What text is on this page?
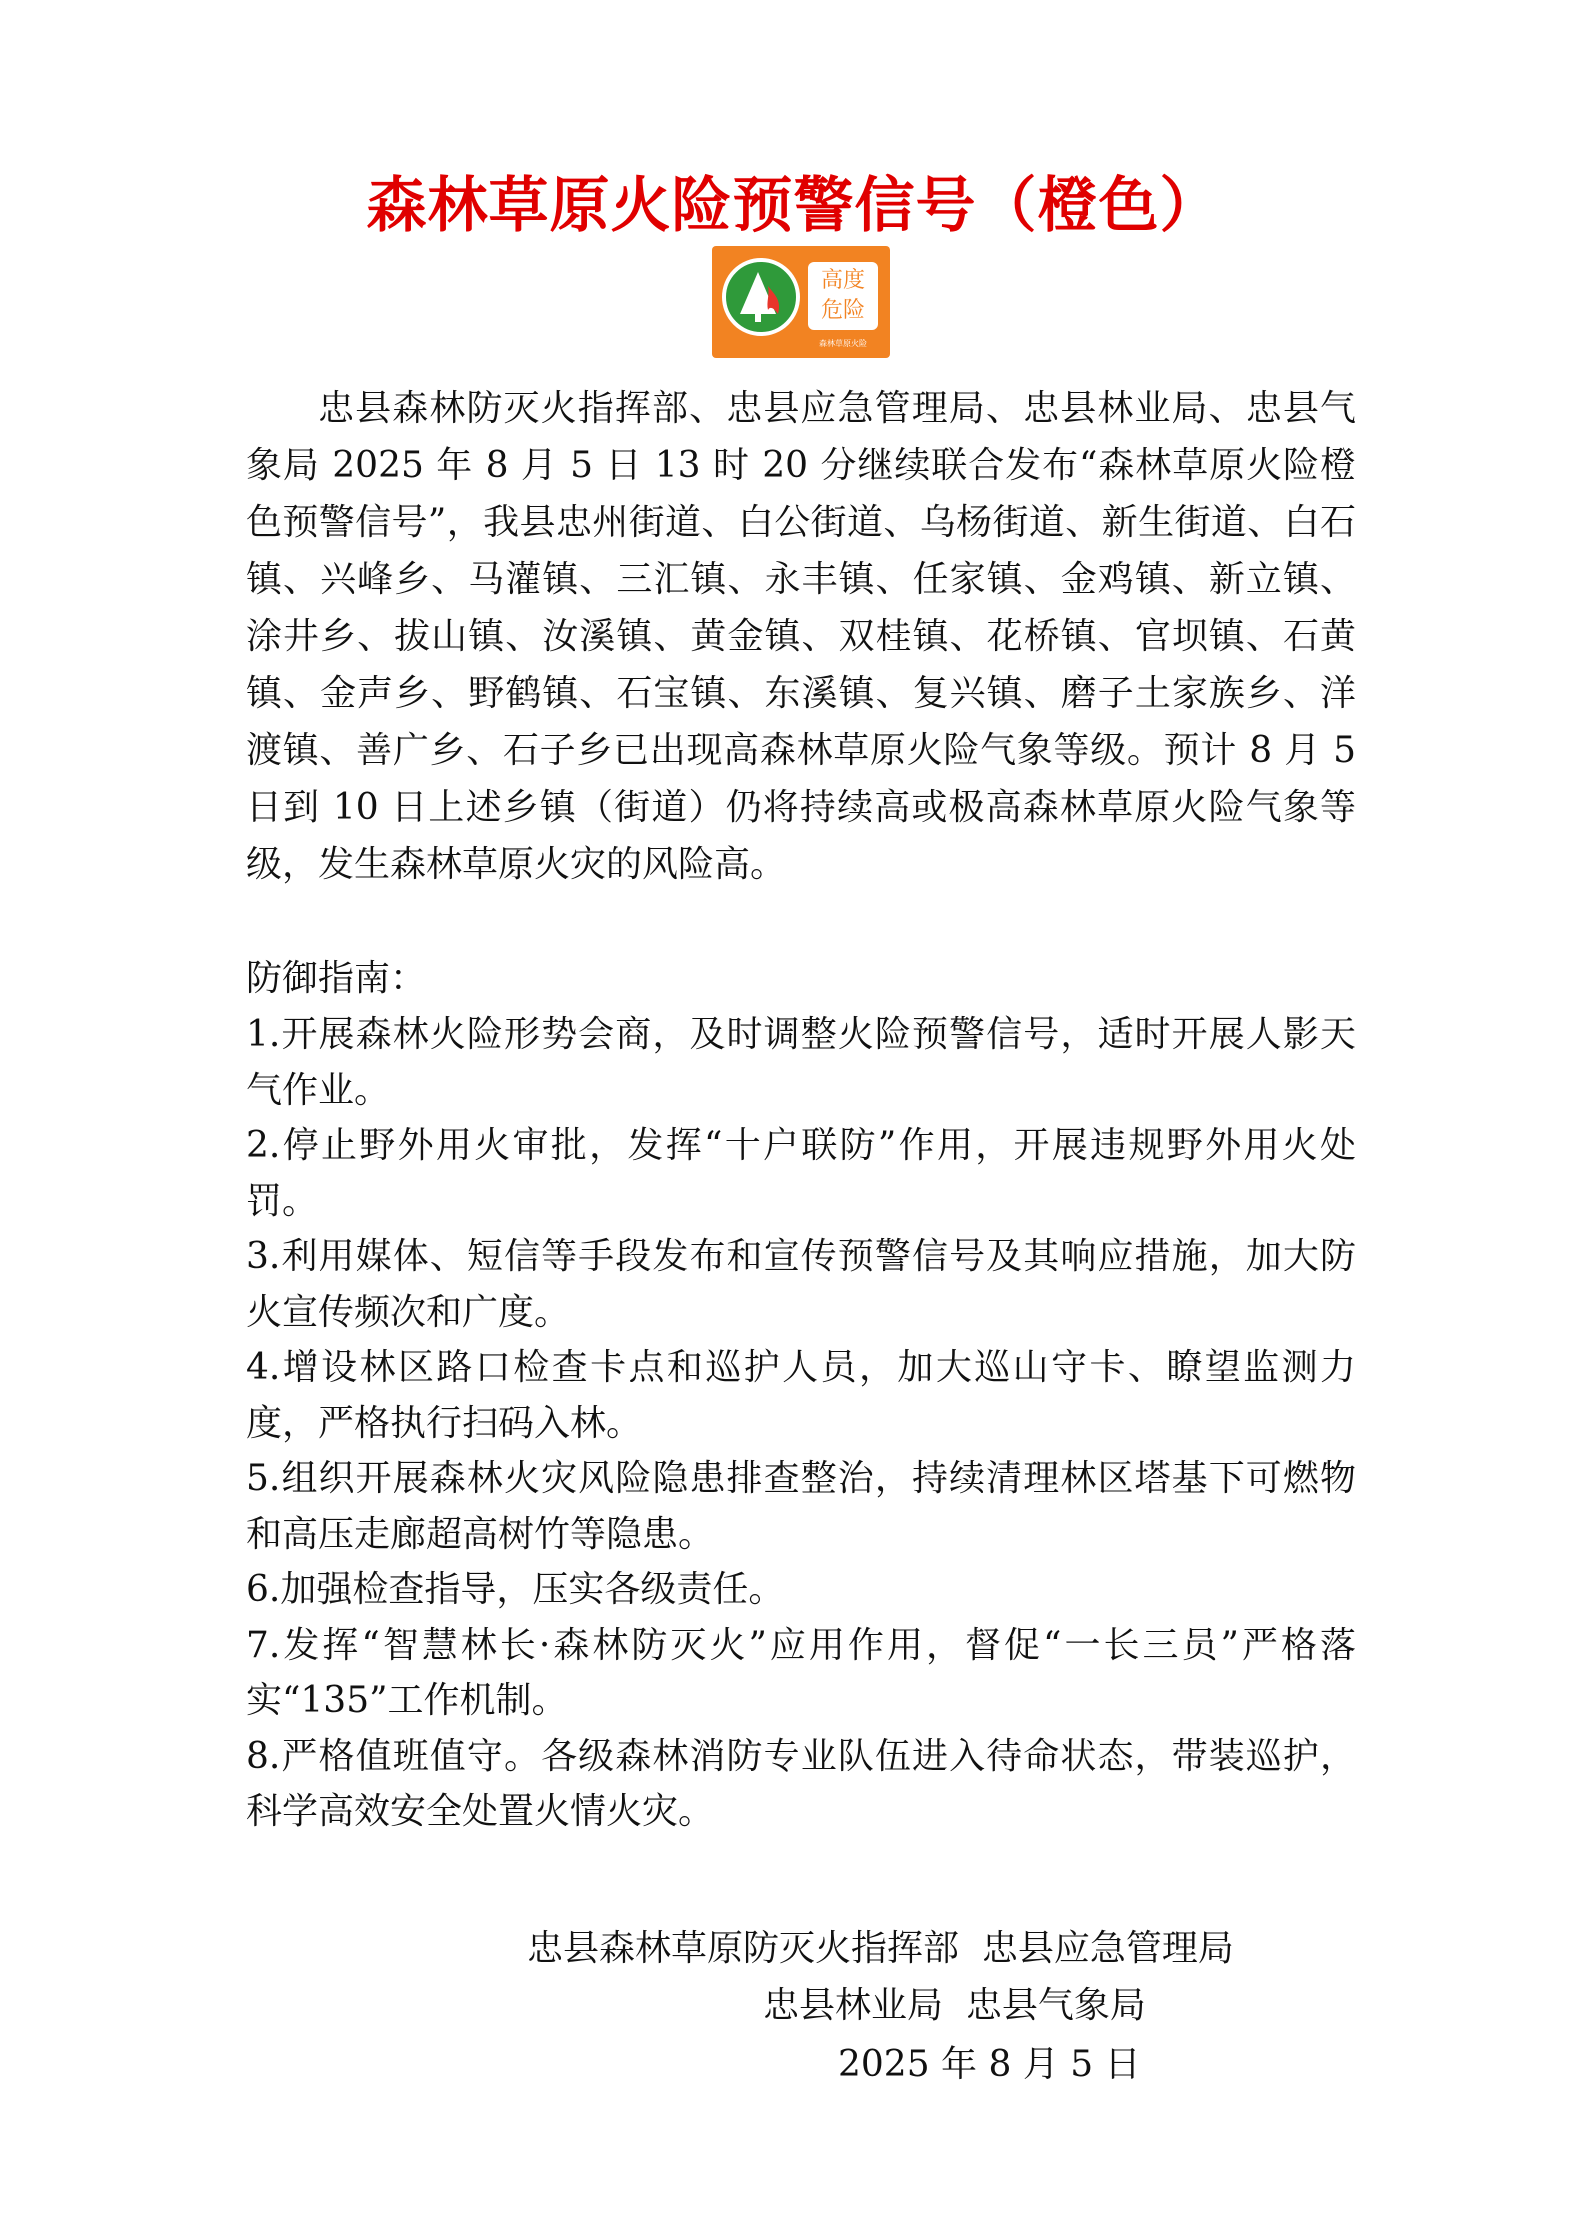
森林草原火险预警信号（橙色）
高度
危险
森林草原火险

忠县森林防灭火指挥部、忠县应急管理局、忠县林业局、忠县气象局 2025 年 8 月 5 日 13 时 20 分继续联合发布“森林草原火险橙色预警信号”，我县忠州街道、白公街道、乌杨街道、新生街道、白石镇、兴峰乡、马灌镇、三汇镇、永丰镇、任家镇、金鸡镇、新立镇、涂井乡、拔山镇、汝溪镇、黄金镇、双桂镇、花桥镇、官坝镇、石黄镇、金声乡、野鹤镇、石宝镇、东溪镇、复兴镇、磨子土家族乡、洋渡镇、善广乡、石子乡已出现高森林草原火险气象等级。预计 8 月 5 日到 10 日上述乡镇（街道）仍将持续高或极高森林草原火险气象等级，发生森林草原火灾的风险高。

防御指南：

1.开展森林火险形势会商，及时调整火险预警信号，适时开展人影天气作业。

2.停止野外用火审批，发挥“十户联防”作用，开展违规野外用火处罚。

3.利用媒体、短信等手段发布和宣传预警信号及其响应措施，加大防火宣传频次和广度。

4.增设林区路口检查卡点和巡护人员，加大巡山守卡、瞭望监测力度，严格执行扫码入林。

5.组织开展森林火灾风险隐患排查整治，持续清理林区塔基下可燃物和高压走廊超高树竹等隐患。

6.加强检查指导，压实各级责任。

7.发挥“智慧林长·森林防灭火”应用作用，督促“一长三员”严格落实“135”工作机制。

8.严格值班值守。各级森林消防专业队伍进入待命状态，带装巡护，科学高效安全处置火情火灾。

忠县森林草原防灭火指挥部  忠县应急管理局
忠县林业局  忠县气象局
2025 年 8 月 5 日
